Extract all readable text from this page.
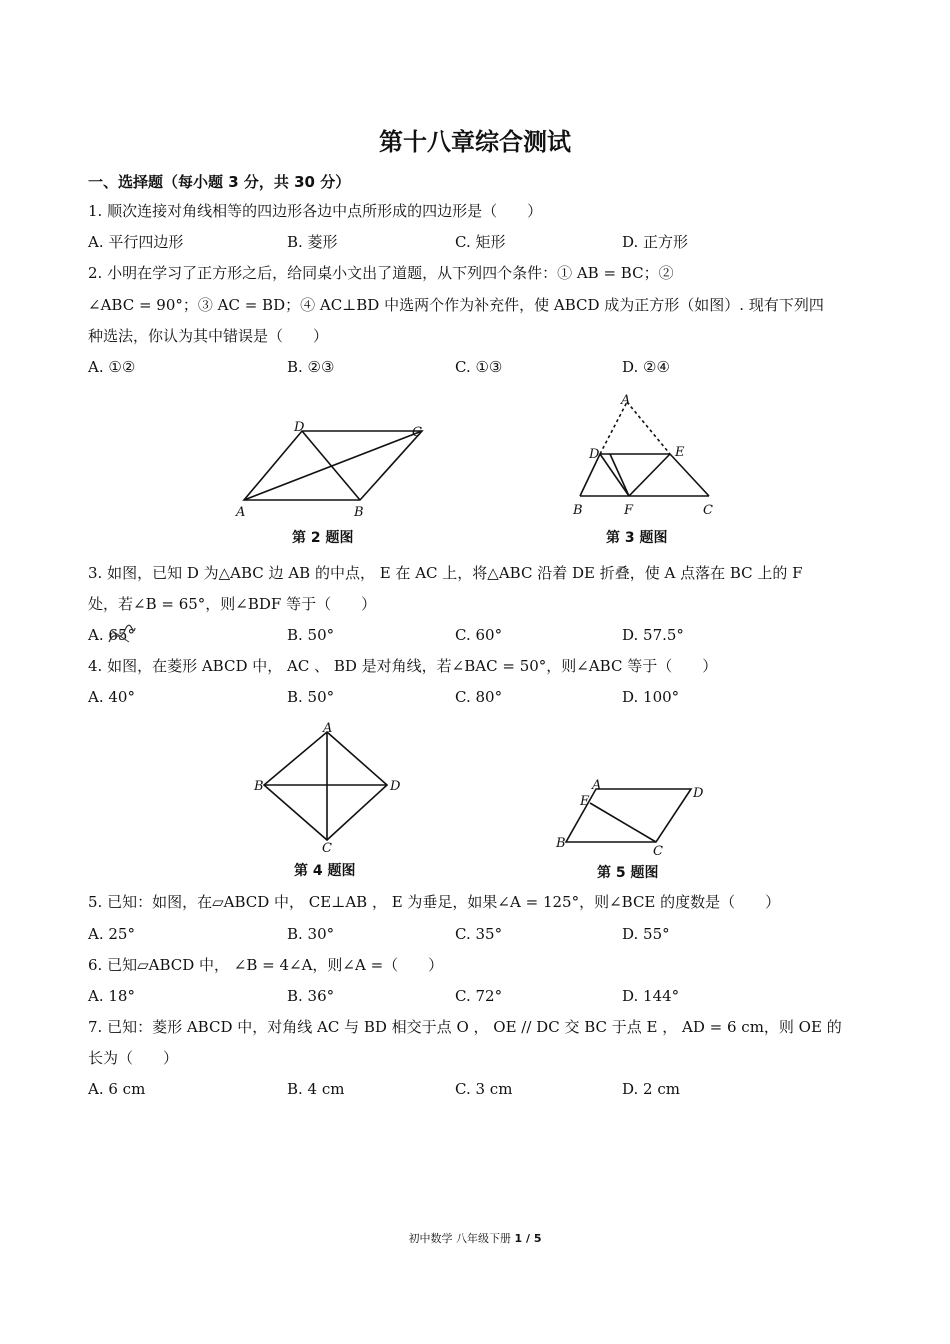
第十八章综合测试
一、选择题（每小题 3 分，共 30 分）
1. 顺次连接对角线相等的四边形各边中点所形成的四边形是（　　）
A. 平行四边形	B. 菱形	C. 矩形	D. 正方形
2. 小明在学习了正方形之后，给同桌小文出了道题，从下列四个条件：① AB = BC；②
∠ABC = 90°；③ AC = BD；④ AC⊥BD 中选两个作为补充件，使 ABCD 成为正方形（如图）. 现有下列四
种选法，你认为其中错误是（　　）
A. ①②	B. ②③	C. ①③	D. ②④
D	C
A	B
第 2 题图
A
D	E
B	F	C
第 3 题图
3. 如图，已知 D 为△ABC 边 AB 的中点， E 在 AC 上，将△ABC 沿着 DE 折叠，使 A 点落在 BC 上的 F
处，若∠B = 65°，则∠BDF 等于（　　）
A. 65°	B. 50°	C. 60°	D. 57.5°
4. 如图，在菱形 ABCD 中， AC 、 BD 是对角线，若∠BAC = 50°，则∠ABC 等于（　　）
A. 40°	B. 50°	C. 80°	D. 100°
A
B	D
C
第 4 题图
A
E
D
B
C
第 5 题图
5. 已知：如图，在▱ABCD 中， CE⊥AB ， E 为垂足，如果∠A = 125°，则∠BCE 的度数是（　　）
A. 25°	B. 30°	C. 35°	D. 55°
6. 已知▱ABCD 中， ∠B = 4∠A，则∠A =（　　）
A. 18°	B. 36°	C. 72°	D. 144°
7. 已知：菱形 ABCD 中，对角线 AC 与 BD 相交于点 O ， OE // DC 交 BC 于点 E ， AD = 6 cm，则 OE 的
长为（　　）
A. 6 cm	B. 4 cm	C. 3 cm	D. 2 cm
初中数学 八年级下册 1 / 5
